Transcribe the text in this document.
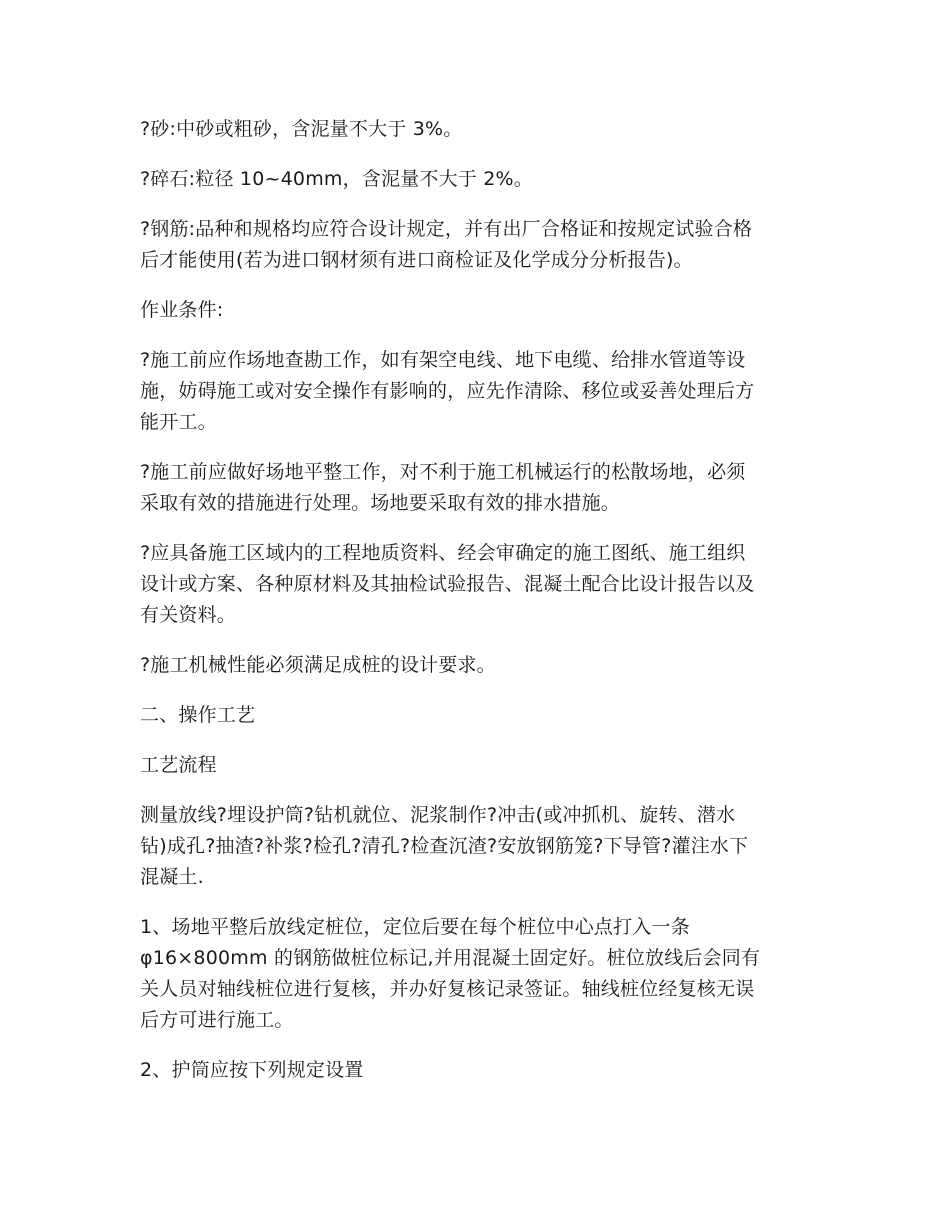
?砂:中砂或粗砂，含泥量不大于 3%。

?碎石:粒径 10~40mm，含泥量不大于 2%。

?钢筋:品种和规格均应符合设计规定，并有出厂合格证和按规定试验合格
后才能使用(若为进口钢材须有进口商检证及化学成分分析报告)。

作业条件:

?施工前应作场地查勘工作，如有架空电线、地下电缆、给排水管道等设
施，妨碍施工或对安全操作有影响的，应先作清除、移位或妥善处理后方
能开工。

?施工前应做好场地平整工作，对不利于施工机械运行的松散场地，必须
采取有效的措施进行处理。场地要采取有效的排水措施。

?应具备施工区域内的工程地质资料、经会审确定的施工图纸、施工组织
设计或方案、各种原材料及其抽检试验报告、混凝土配合比设计报告以及
有关资料。

?施工机械性能必须满足成桩的设计要求。

二、操作工艺

工艺流程

测量放线?埋设护筒?钻机就位、泥浆制作?冲击(或冲抓机、旋转、潜水
钻)成孔?抽渣?补浆?检孔?清孔?检查沉渣?安放钢筋笼?下导管?灌注水下
混凝土.

1、场地平整后放线定桩位，定位后要在每个桩位中心点打入一条
φ16×800mm 的钢筋做桩位标记,并用混凝土固定好。桩位放线后会同有
关人员对轴线桩位进行复核，并办好复核记录签证。轴线桩位经复核无误
后方可进行施工。

2、护筒应按下列规定设置
